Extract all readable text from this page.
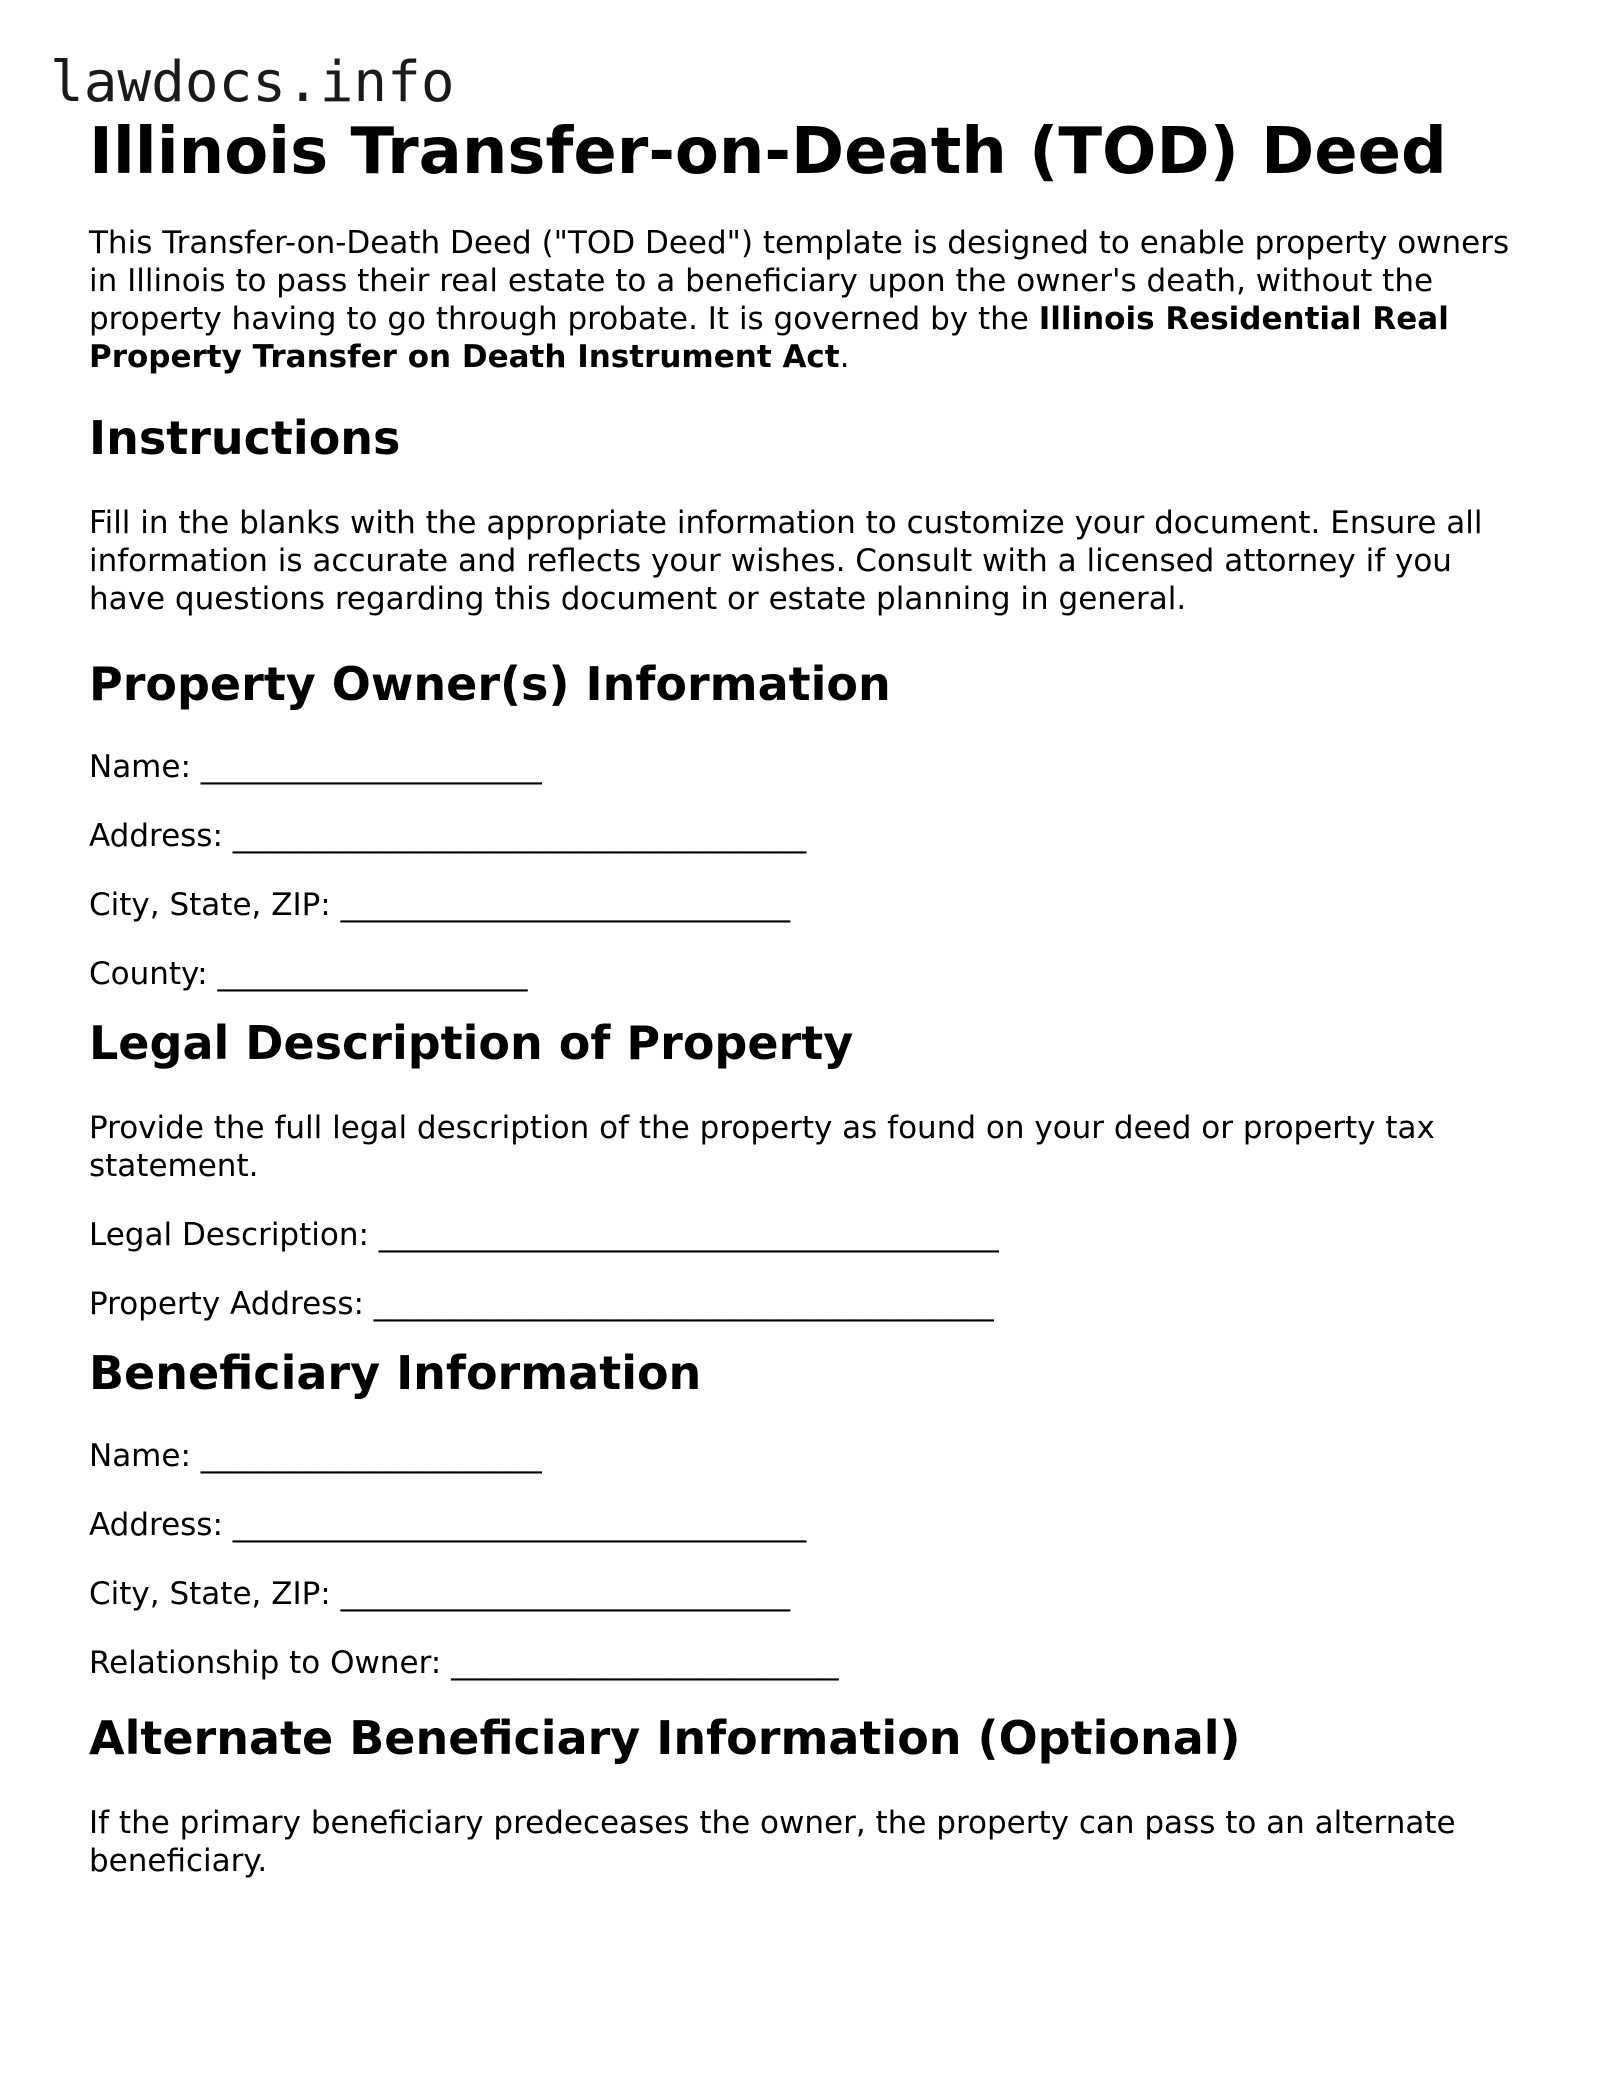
lawdocs.info
Illinois Transfer-on-Death (TOD) Deed

This Transfer-on-Death Deed ("TOD Deed") template is designed to enable property owners in Illinois to pass their real estate to a beneficiary upon the owner's death, without the property having to go through probate. It is governed by the Illinois Residential Real Property Transfer on Death Instrument Act.

Instructions

Fill in the blanks with the appropriate information to customize your document. Ensure all information is accurate and reflects your wishes. Consult with a licensed attorney if you have questions regarding this document or estate planning in general.

Property Owner(s) Information

Name: ______________________

Address: _____________________________________

City, State, ZIP: _____________________________

County: ____________________

Legal Description of Property

Provide the full legal description of the property as found on your deed or property tax statement.

Legal Description: ________________________________________

Property Address: ________________________________________

Beneficiary Information

Name: ______________________

Address: _____________________________________

City, State, ZIP: _____________________________

Relationship to Owner: _________________________

Alternate Beneficiary Information (Optional)

If the primary beneficiary predeceases the owner, the property can pass to an alternate beneficiary.
